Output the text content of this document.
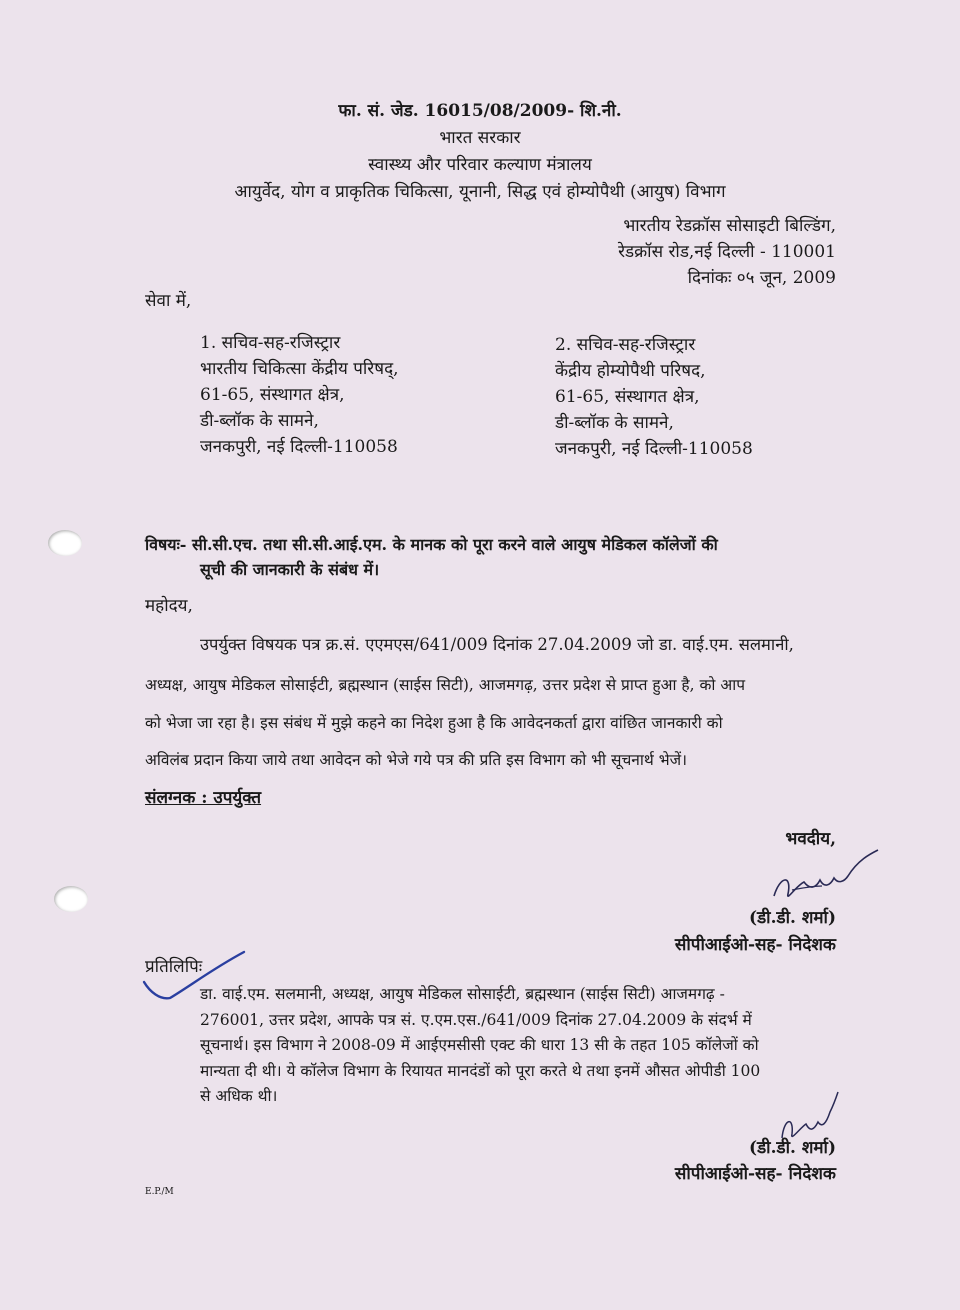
फा. सं. जेड. 16015/08/2009- शि.नी.
भारत सरकार
स्वास्थ्य और परिवार कल्याण मंत्रालय
आयुर्वेद, योग व प्राकृतिक चिकित्सा, यूनानी, सिद्ध एवं होम्योपैथी (आयुष) विभाग
भारतीय रेडक्रॉस सोसाइटी बिल्डिंग,
रेडक्रॉस रोड,नई दिल्ली - 110001
दिनांकः ०५ जून, 2009
सेवा में,
1. सचिव-सह-रजिस्ट्रार
भारतीय चिकित्सा केंद्रीय परिषद्,
61-65, संस्थागत क्षेत्र,
डी-ब्लॉक के सामने,
जनकपुरी, नई दिल्ली-110058
2. सचिव-सह-रजिस्ट्रार
केंद्रीय होम्योपैथी परिषद,
61-65, संस्थागत क्षेत्र,
डी-ब्लॉक के सामने,
जनकपुरी, नई दिल्ली-110058
विषयः- सी.सी.एच. तथा सी.सी.आई.एम. के मानक को पूरा करने वाले आयुष मेडिकल कॉलेजों की
सूची की जानकारी के संबंध में।
महोदय,
उपर्युक्त विषयक पत्र क्र.सं. एएमएस/641/009 दिनांक 27.04.2009 जो डा. वाई.एम. सलमानी,
अध्यक्ष, आयुष मेडिकल सोसाईटी, ब्रह्मस्थान (साईस सिटी), आजमगढ़, उत्तर प्रदेश से प्राप्त हुआ है, को आप
को भेजा जा रहा है। इस संबंध में मुझे कहने का निदेश हुआ है कि आवेदनकर्ता द्वारा वांछित जानकारी को
अविलंब प्रदान किया जाये तथा आवेदन को भेजे गये पत्र की प्रति इस विभाग को भी सूचनार्थ भेजें।
संलग्नक : उपर्युक्त
भवदीय,
(डी.डी. शर्मा)
सीपीआईओ-सह- निदेशक
प्रतिलिपिः
डा. वाई.एम. सलमानी, अध्यक्ष, आयुष मेडिकल सोसाईटी, ब्रह्मस्थान (साईस सिटी) आजमगढ़ -
276001, उत्तर प्रदेश, आपके पत्र सं. ए.एम.एस./641/009 दिनांक 27.04.2009 के संदर्भ में
सूचनार्थ। इस विभाग ने 2008-09 में आईएमसीसी एक्ट की धारा 13 सी के तहत 105 कॉलेजों को
मान्यता दी थी। ये कॉलेज विभाग के रियायत मानदंडों को पूरा करते थे तथा इनमें औसत ओपीडी 100
से अधिक थी।
(डी.डी. शर्मा)
सीपीआईओ-सह- निदेशक
E.P./M
